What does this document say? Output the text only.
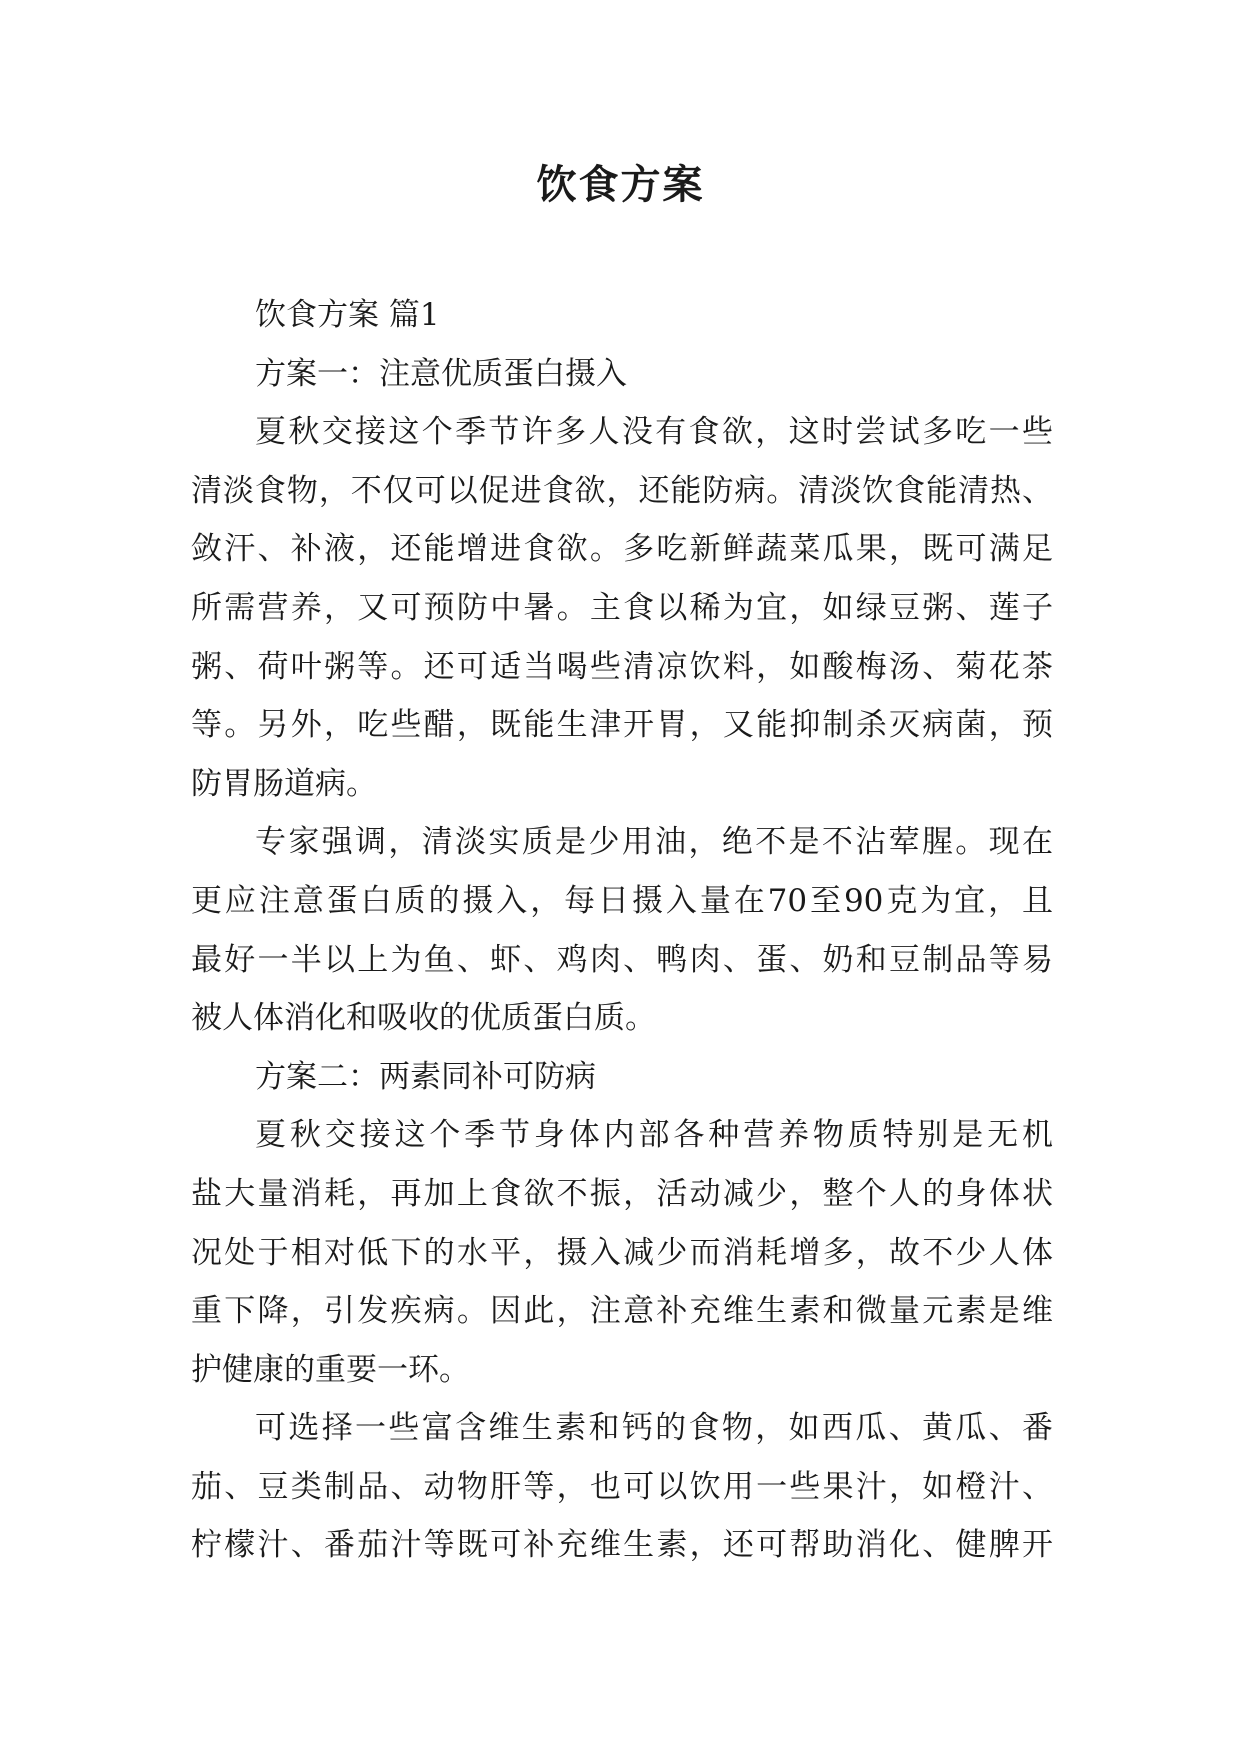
饮食方案
饮食方案 篇1
方案一：注意优质蛋白摄入
夏秋交接这个季节许多人没有食欲，这时尝试多吃一些
清淡食物，不仅可以促进食欲，还能防病。清淡饮食能清热、
敛汗、补液，还能增进食欲。多吃新鲜蔬菜瓜果，既可满足
所需营养，又可预防中暑。主食以稀为宜，如绿豆粥、莲子
粥、荷叶粥等。还可适当喝些清凉饮料，如酸梅汤、菊花茶
等。另外，吃些醋，既能生津开胃，又能抑制杀灭病菌，预
防胃肠道病。
专家强调，清淡实质是少用油，绝不是不沾荤腥。现在
更应注意蛋白质的摄入，每日摄入量在70至90克为宜，且
最好一半以上为鱼、虾、鸡肉、鸭肉、蛋、奶和豆制品等易
被人体消化和吸收的优质蛋白质。
方案二：两素同补可防病
夏秋交接这个季节身体内部各种营养物质特别是无机
盐大量消耗，再加上食欲不振，活动减少，整个人的身体状
况处于相对低下的水平，摄入减少而消耗增多，故不少人体
重下降，引发疾病。因此，注意补充维生素和微量元素是维
护健康的重要一环。
可选择一些富含维生素和钙的食物，如西瓜、黄瓜、番
茄、豆类制品、动物肝等，也可以饮用一些果汁，如橙汁、
柠檬汁、番茄汁等既可补充维生素，还可帮助消化、健脾开
